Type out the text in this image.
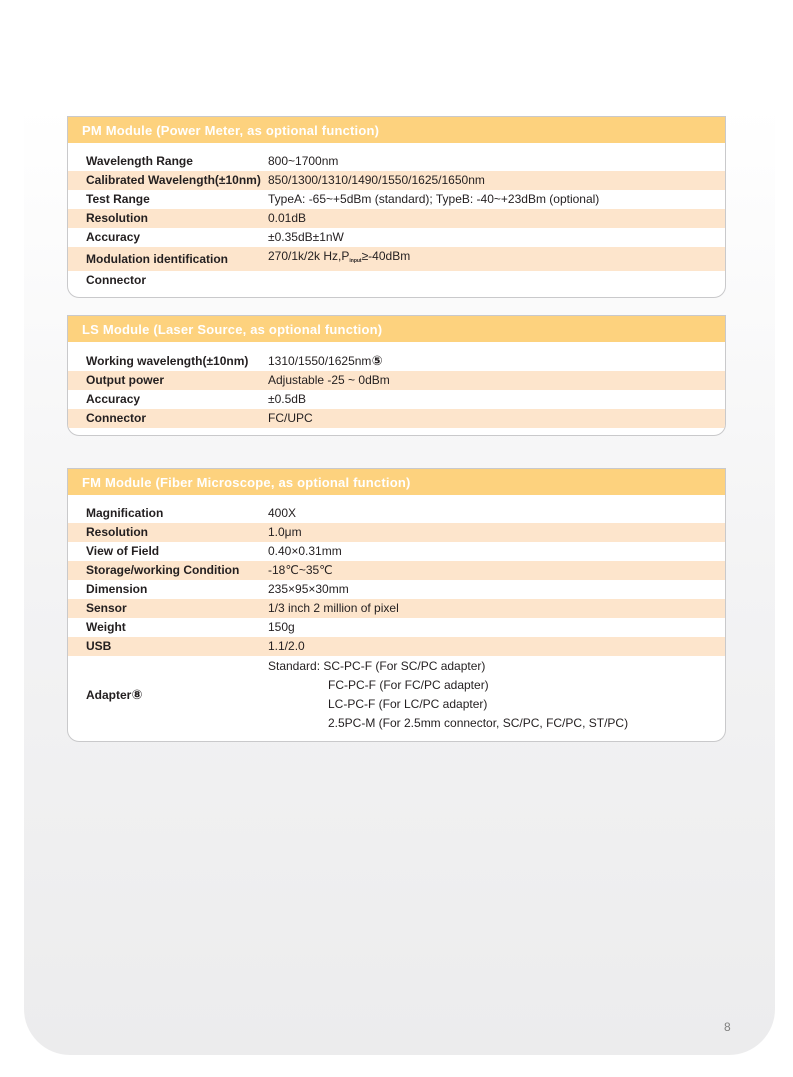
PM Module (Power Meter, as optional function)
Wavelength Range	800~1700nm
Calibrated Wavelength(±10nm) 850/1300/1310/1490/1550/1625/1650nm
Test Range	TypeA: -65~+5dBm (standard); TypeB: -40~+23dBm (optional)
Resolution	0.01dB
Accuracy	±0.35dB±1nW
Modulation identification	270/1k/2k $Hz,P_{input}\ge-40dBm$
Connector
LS Module (Laser Source, as optional function)
Working wavelength(±10nm)	1310/1550/1625nm⑤
Output power	Adjustable -25 ~ 0dBm
Accuracy	±0.5dB
Connector	FC/UPC
FM Module (Fiber Microscope, as optional function)
Magnification	400X
Resolution	1.0μm
View of Field	0.40×0.31mm
Storage/working Condition	-18℃~35℃
Dimension	235×95×30mm
Sensor	1/3 inch 2 million of pixel
Weight	150g
USB	1.1/2.0
Adapter⑧
Standard: SC-PC-F (For SC/PC adapter)
FC-PC-F (For FC/PC adapter)
LC-PC-F (For LC/PC adapter)
2.5PC-M (For 2.5mm connector, SC/PC, FC/PC, ST/PC)
8
